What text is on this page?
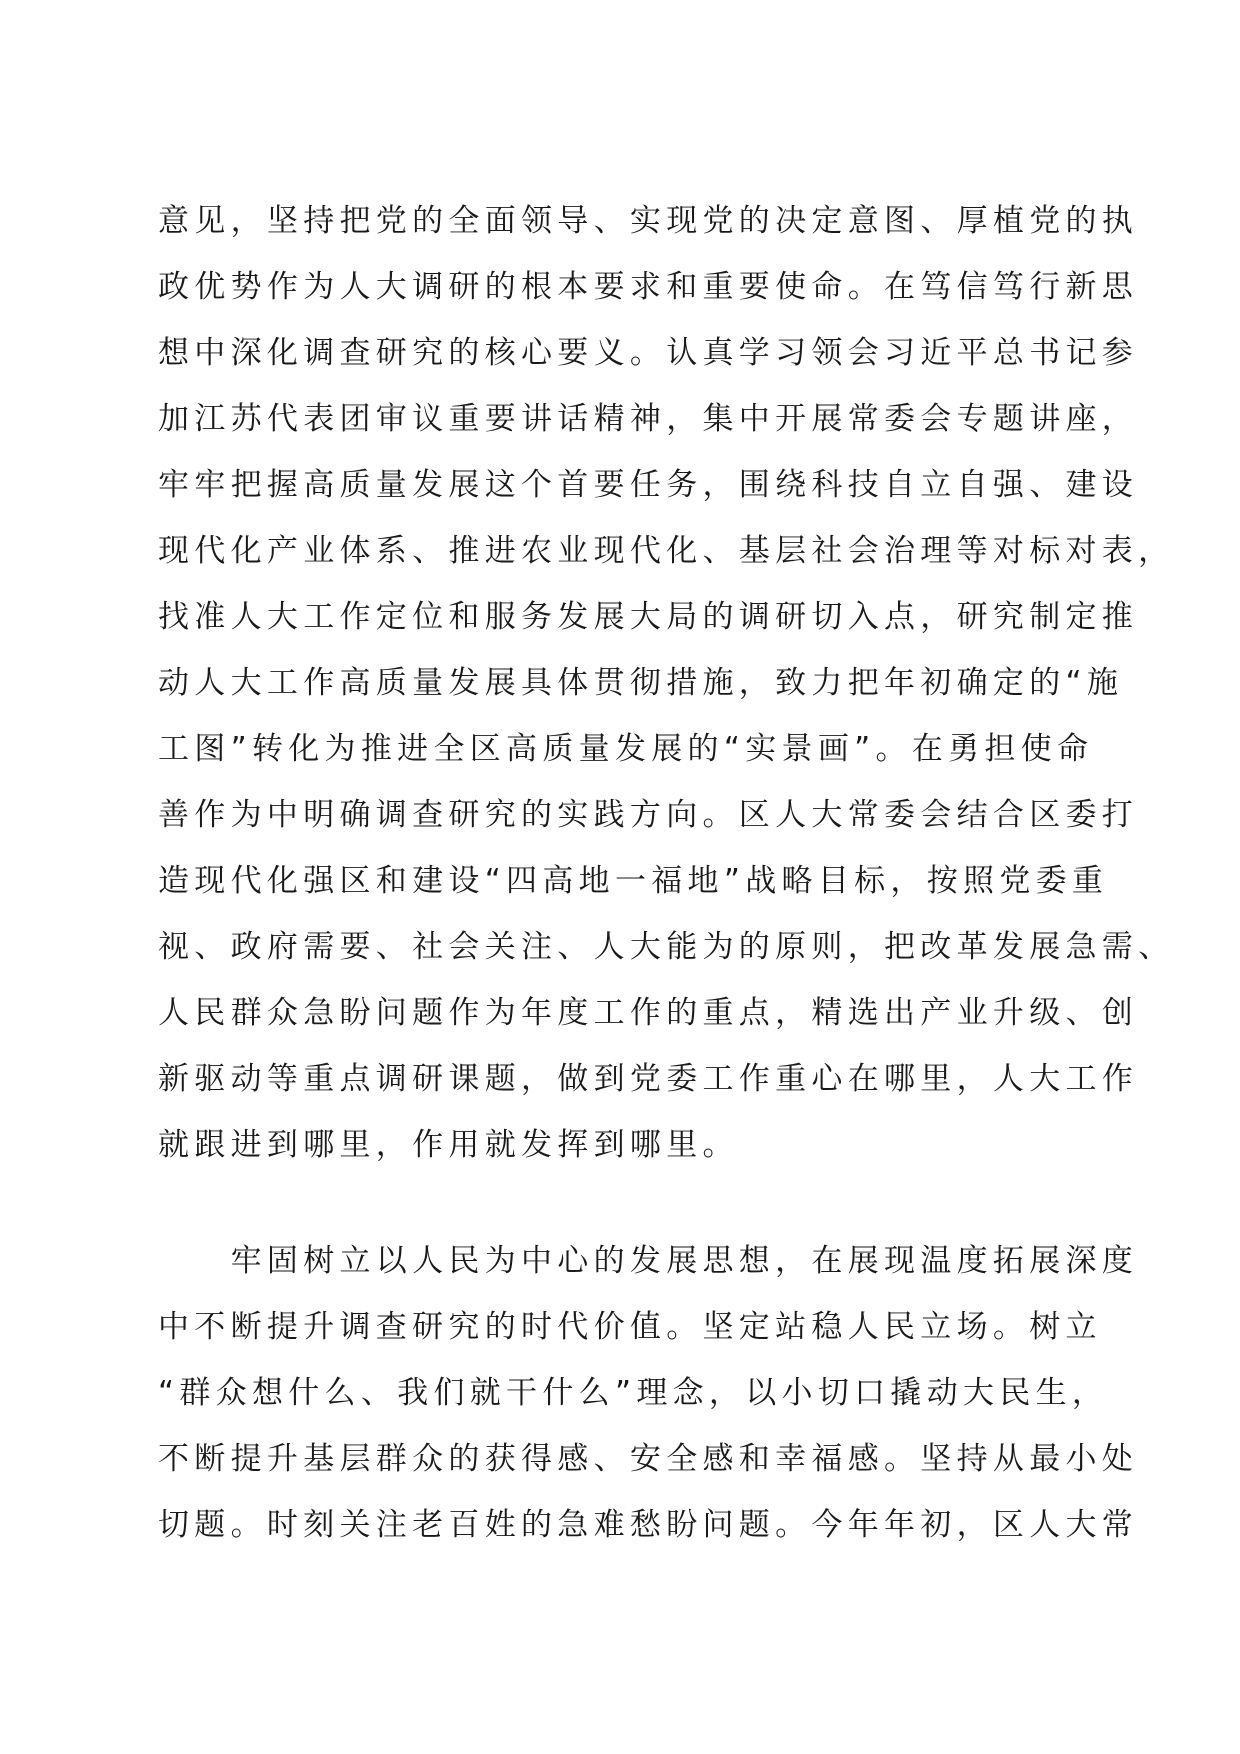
意见，坚持把党的全面领导、实现党的决定意图、厚植党的执
政优势作为人大调研的根本要求和重要使命。在笃信笃行新思
想中深化调查研究的核心要义。认真学习领会习近平总书记参
加江苏代表团审议重要讲话精神，集中开展常委会专题讲座，
牢牢把握高质量发展这个首要任务，围绕科技自立自强、建设
现代化产业体系、推进农业现代化、基层社会治理等对标对表，
找准人大工作定位和服务发展大局的调研切入点，研究制定推
动人大工作高质量发展具体贯彻措施，致力把年初确定的“施
工图”转化为推进全区高质量发展的“实景画”。在勇担使命
善作为中明确调查研究的实践方向。区人大常委会结合区委打
造现代化强区和建设“四高地一福地”战略目标，按照党委重
视、政府需要、社会关注、人大能为的原则，把改革发展急需、
人民群众急盼问题作为年度工作的重点，精选出产业升级、创
新驱动等重点调研课题，做到党委工作重心在哪里，人大工作
就跟进到哪里，作用就发挥到哪里。
　　牢固树立以人民为中心的发展思想，在展现温度拓展深度
中不断提升调查研究的时代价值。坚定站稳人民立场。树立
“群众想什么、我们就干什么”理念，以小切口撬动大民生，
不断提升基层群众的获得感、安全感和幸福感。坚持从最小处
切题。时刻关注老百姓的急难愁盼问题。今年年初，区人大常
